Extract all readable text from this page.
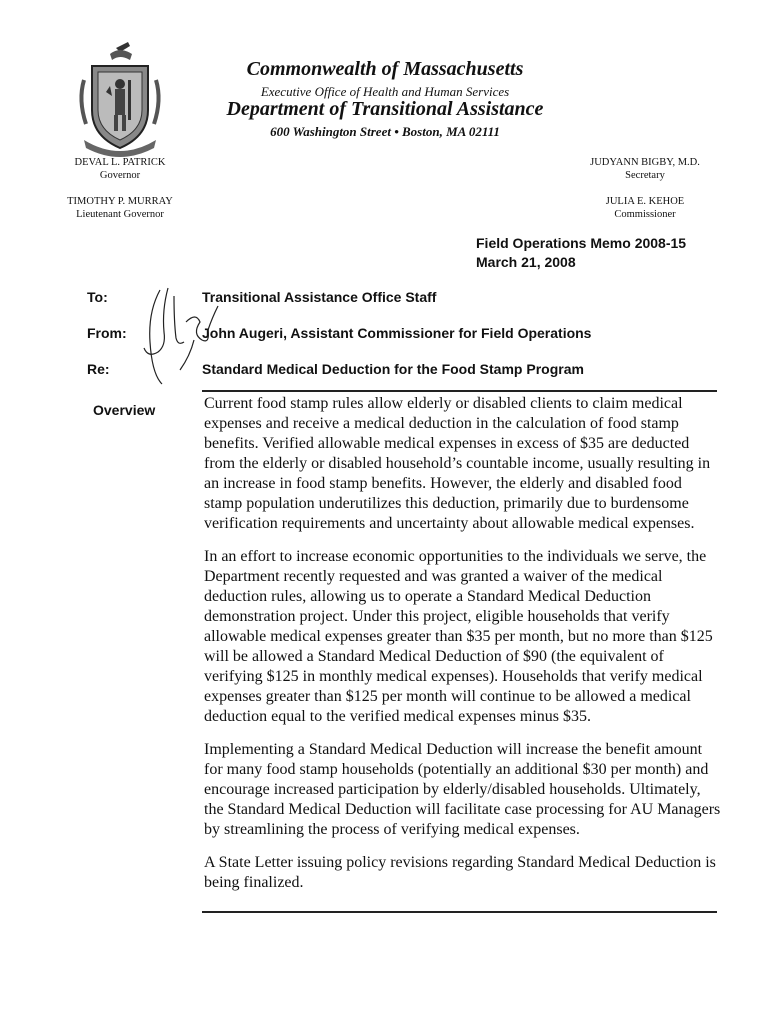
Commonwealth of Massachusetts
Executive Office of Health and Human Services
Department of Transitional Assistance
600 Washington Street • Boston, MA 02111
DEVAL L. PATRICK
Governor
TIMOTHY P. MURRAY
Lieutenant Governor
JUDYANN BIGBY, M.D.
Secretary
JULIA E. KEHOE
Commissioner
Field Operations Memo 2008-15
March 21, 2008
To:	Transitional Assistance Office Staff
From:	John Augeri, Assistant Commissioner for Field Operations
Re:	Standard Medical Deduction for the Food Stamp Program
Overview	Current food stamp rules allow elderly or disabled clients to claim medical expenses and receive a medical deduction in the calculation of food stamp benefits. Verified allowable medical expenses in excess of $35 are deducted from the elderly or disabled household’s countable income, usually resulting in an increase in food stamp benefits. However, the elderly and disabled food stamp population underutilizes this deduction, primarily due to burdensome verification requirements and uncertainty about allowable medical expenses.

In an effort to increase economic opportunities to the individuals we serve, the Department recently requested and was granted a waiver of the medical deduction rules, allowing us to operate a Standard Medical Deduction demonstration project. Under this project, eligible households that verify allowable medical expenses greater than $35 per month, but no more than $125 will be allowed a Standard Medical Deduction of $90 (the equivalent of verifying $125 in monthly medical expenses). Households that verify medical expenses greater than $125 per month will continue to be allowed a medical deduction equal to the verified medical expenses minus $35.

Implementing a Standard Medical Deduction will increase the benefit amount for many food stamp households (potentially an additional $30 per month) and encourage increased participation by elderly/disabled households. Ultimately, the Standard Medical Deduction will facilitate case processing for AU Managers by streamlining the process of verifying medical expenses.

A State Letter issuing policy revisions regarding Standard Medical Deduction is being finalized.
